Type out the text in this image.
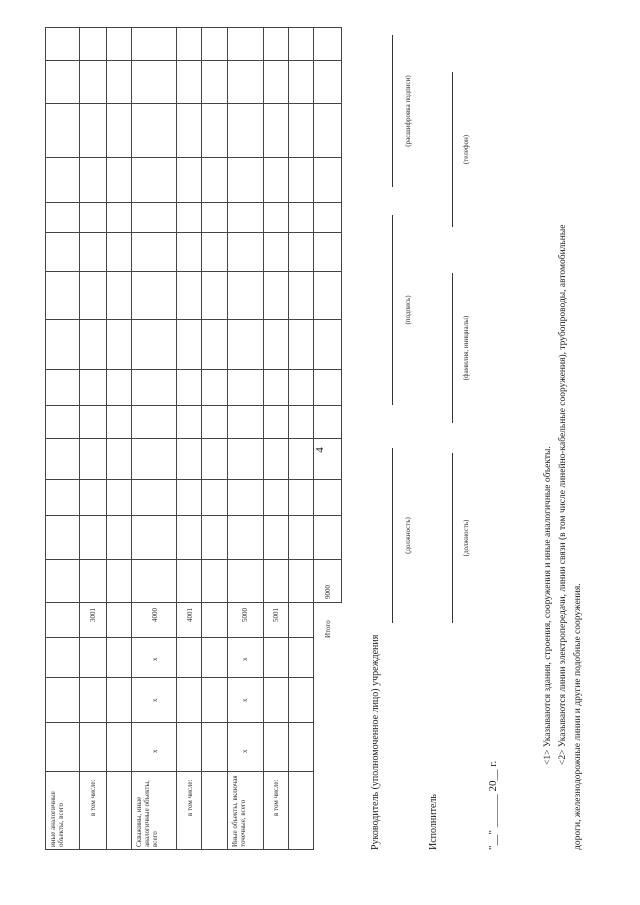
4
иные аналогичные объекты, всего
в том числе:
3001
Скважины, иные аналогичные объекты, всего
x
x
x
4000
в том числе:
4001
Иные объекты, включая точечные, всего
x
x
x
5000
в том числе:
5001
Итого
9000
Руководитель (уполномоченное лицо) учреждения
(должность)
(подпись)
(расшифровка подписи)
Исполнитель
(должность)
(фамилия, инициалы)
(телефон)
"__" ______ 20__ г.
<1> Указываются здания, строения, сооружения и иные аналогичные объекты. <2> Указываются линии электропередачи, линии связи (в том числе линейно-кабельные сооружения), трубопроводы, автомобильные дороги, железнодорожные линии и другие подобные сооружения.
